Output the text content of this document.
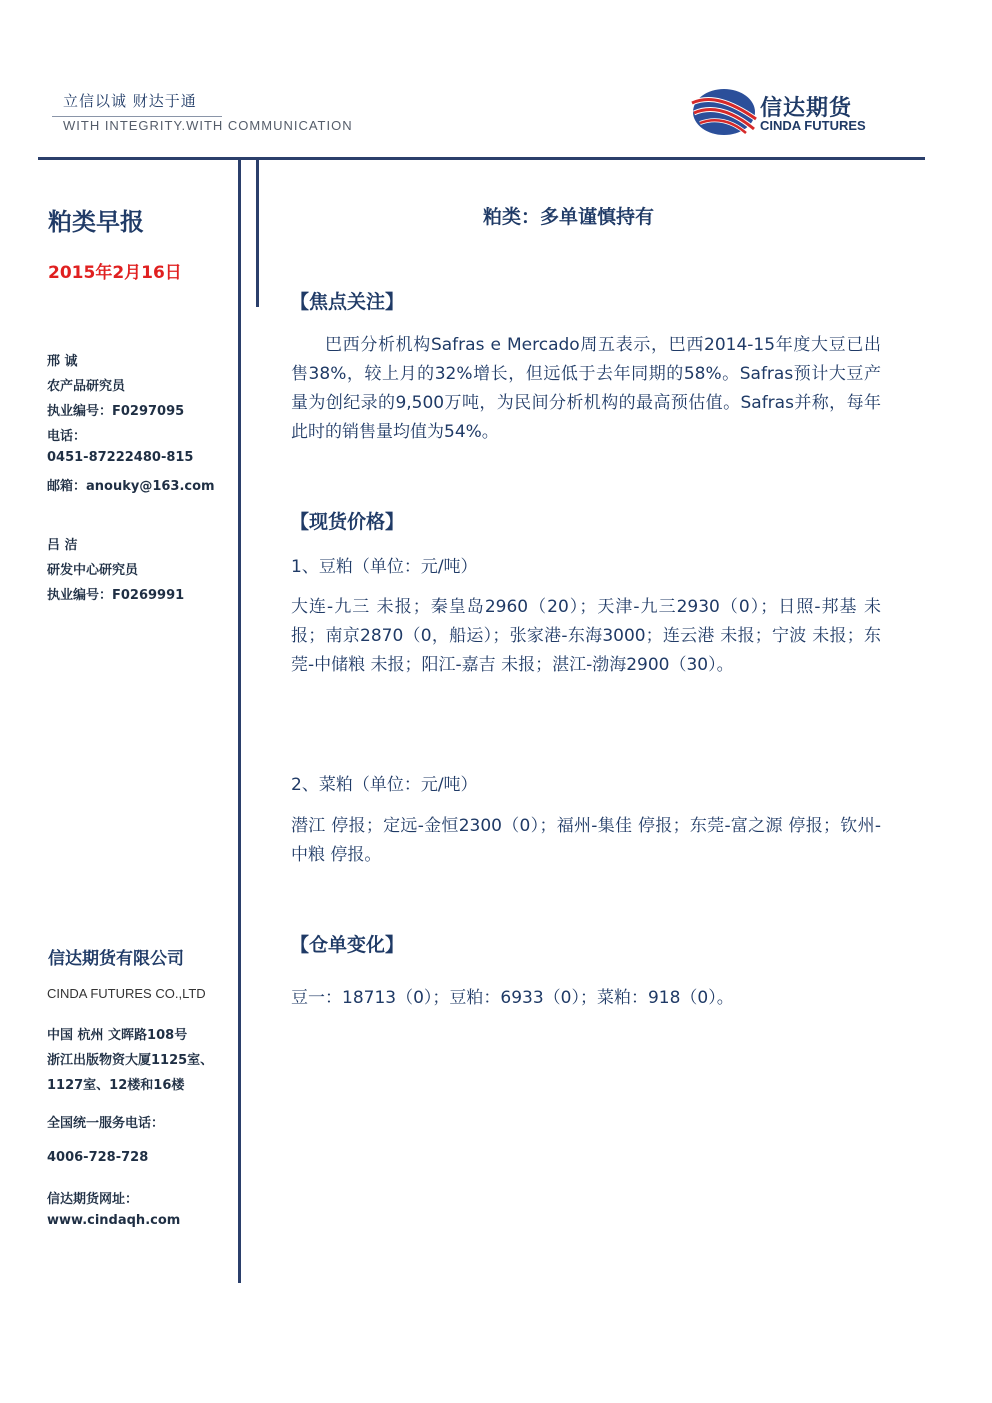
立信以诚 财达于通
WITH INTEGRITY.WITH COMMUNICATION
信达期货
CINDA FUTURES
粕类早报
2015年2月16日
邢 诚
农产品研究员
执业编号：F0297095
电话：
0451-87222480-815
邮箱：anouky@163.com
吕 洁
研发中心研究员
执业编号：F0269991
信达期货有限公司
CINDA FUTURES CO.,LTD
中国 杭州 文晖路108号
浙江出版物资大厦1125室、
1127室、12楼和16楼
全国统一服务电话：
4006-728-728
信达期货网址：
www.cindaqh.com
粕类：多单谨慎持有
【焦点关注】
巴西分析机构Safras e Mercado周五表示，巴西2014-15年度大豆已出售38%，较上月的32%增长，但远低于去年同期的58%。Safras预计大豆产量为创纪录的9,500万吨，为民间分析机构的最高预估值。Safras并称，每年此时的销售量均值为54%。
【现货价格】
1、豆粕（单位：元/吨）
大连-九三 未报；秦皇岛2960（20）；天津-九三2930（0）；日照-邦基 未报；南京2870（0，船运）；张家港-东海3000；连云港 未报；宁波 未报；东莞-中储粮 未报；阳江-嘉吉 未报；湛江-渤海2900（30）。
2、菜粕（单位：元/吨）
潜江 停报；定远-金恒2300（0）；福州-集佳 停报；东莞-富之源 停报；钦州-中粮 停报。
【仓单变化】
豆一：18713（0）；豆粕：6933（0）；菜粕：918（0）。
